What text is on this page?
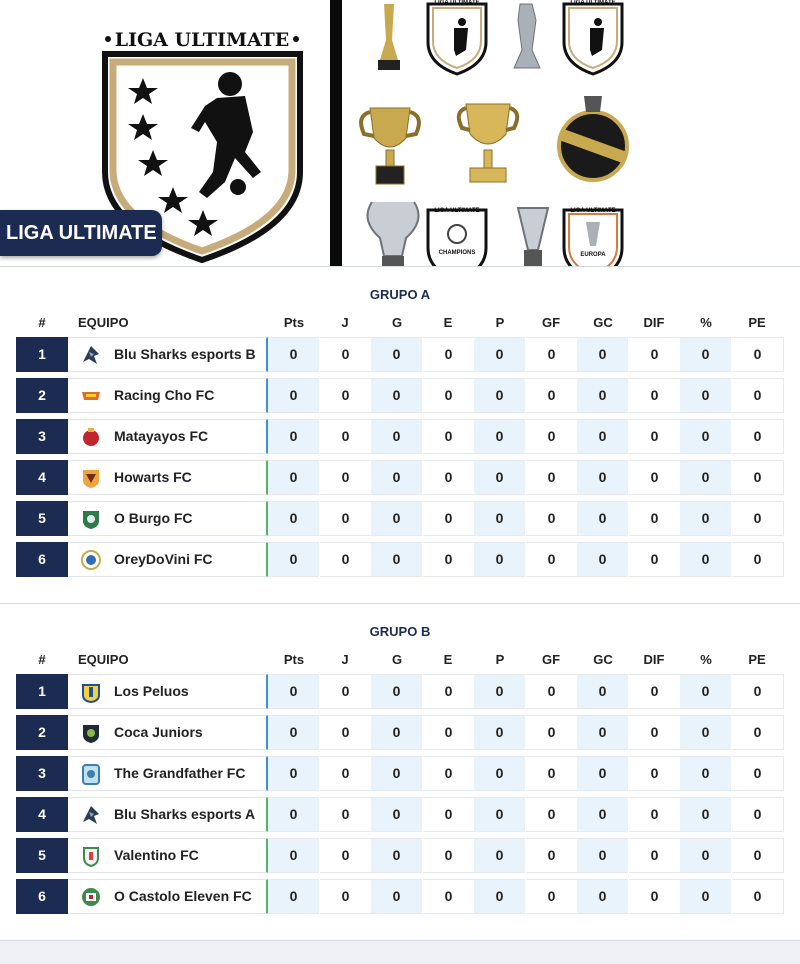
LIGA ULTIMATE
LIGA ULTIMATE	LIGA ULTIMATE
LIGA ULTIMATE
CHAMPIONS
LIGA ULTIMATE
EUROPA
LIGA ULTIMATE
GRUPO A
#	EQUIPO	Pts	J	G	E	P	GF	GC	DIF	%	PE
1	Blu Sharks esports B	0	0	0	0	0	0	0	0	0	0
2	Racing Cho FC	0	0	0	0	0	0	0	0	0	0
3	Matayayos FC	0	0	0	0	0	0	0	0	0	0
4	Howarts FC	0	0	0	0	0	0	0	0	0	0
5	O Burgo FC	0	0	0	0	0	0	0	0	0	0
6	OreyDoVini FC	0	0	0	0	0	0	0	0	0	0
GRUPO B
#	EQUIPO	Pts	J	G	E	P	GF	GC	DIF	%	PE
1	Los Peluos	0	0	0	0	0	0	0	0	0	0
2	Coca Juniors	0	0	0	0	0	0	0	0	0	0
3	The Grandfather FC	0	0	0	0	0	0	0	0	0	0
4	Blu Sharks esports A	0	0	0	0	0	0	0	0	0	0
5	Valentino FC	0	0	0	0	0	0	0	0	0	0
6	O Castolo Eleven FC	0	0	0	0	0	0	0	0	0	0
